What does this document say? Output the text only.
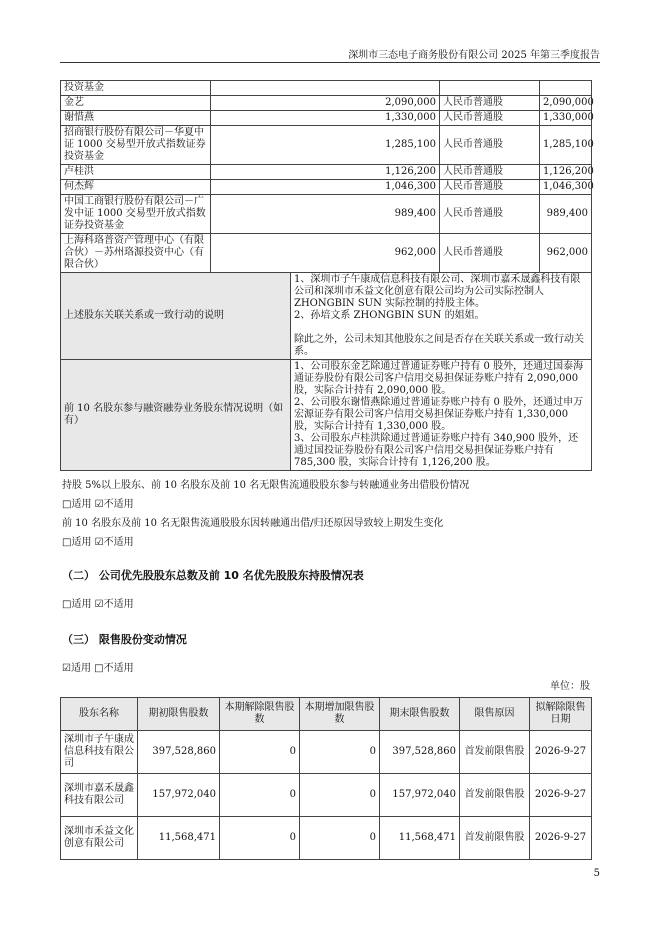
深圳市三态电子商务股份有限公司 2025 年第三季度报告
投资基金				
金艺	2,090,000		人民币普通股	2,090,000
谢惜燕	1,330,000		人民币普通股	1,330,000
招商银行股份有限公司－华夏中证 1000 交易型开放式指数证券投资基金	1,285,100		人民币普通股	1,285,100
卢桂洪	1,126,200		人民币普通股	1,126,200
何杰辉	1,046,300		人民币普通股	1,046,300
中国工商银行股份有限公司－广发中证 1000 交易型开放式指数证券投资基金	989,400		人民币普通股	989,400
上海科珞普资产管理中心（有限合伙）－苏州珞源投资中心（有限合伙）	962,000		人民币普通股	962,000
上述股东关联关系或一致行动的说明		1、深圳市子午康成信息科技有限公司、深圳市嘉禾晟鑫科技有限公司和深圳市禾益文化创意有限公司均为公司实际控制人 ZHONGBIN SUN 实际控制的持股主体。
2、孙培文系 ZHONGBIN SUN 的姐姐。
除此之外，公司未知其他股东之间是否存在关联关系或一致行动关系。		

前 10 名股东参与融资融券业务股东情况说明（如有）		1、公司股东金艺除通过普通证券账户持有 0 股外，还通过国泰海通证券股份有限公司客户信用交易担保证券账户持有 2,090,000 股，实际合计持有 2,090,000 股。
2、公司股东谢惜燕除通过普通证券账户持有 0 股外，还通过申万宏源证券有限公司客户信用交易担保证券账户持有 1,330,000 股，实际合计持有 1,330,000 股。
3、公司股东卢桂洪除通过普通证券账户持有 340,900 股外，还通过国投证券股份有限公司客户信用交易担保证券账户持有 785,300 股，实际合计持有 1,126,200 股。		
持股 5%以上股东、前 10 名股东及前 10 名无限售流通股股东参与转融通业务出借股份情况
□适用 ☑不适用
前 10 名股东及前 10 名无限售流通股股东因转融通出借/归还原因导致较上期发生变化
□适用 ☑不适用
（二） 公司优先股股东总数及前 10 名优先股股东持股情况表
□适用 ☑不适用
（三） 限售股份变动情况
☑适用 □不适用
单位：股
股东名称	期初限售股数	本期解除限售股数	本期增加限售股数	期末限售股数	限售原因	拟解除限售日期
深圳市子午康成信息科技有限公司	397,528,860	0	0	397,528,860	首发前限售股	2026-9-27
深圳市嘉禾晟鑫科技有限公司	157,972,040	0	0	157,972,040	首发前限售股	2026-9-27
深圳市禾益文化创意有限公司	11,568,471	0	0	11,568,471	首发前限售股	2026-9-27
5
